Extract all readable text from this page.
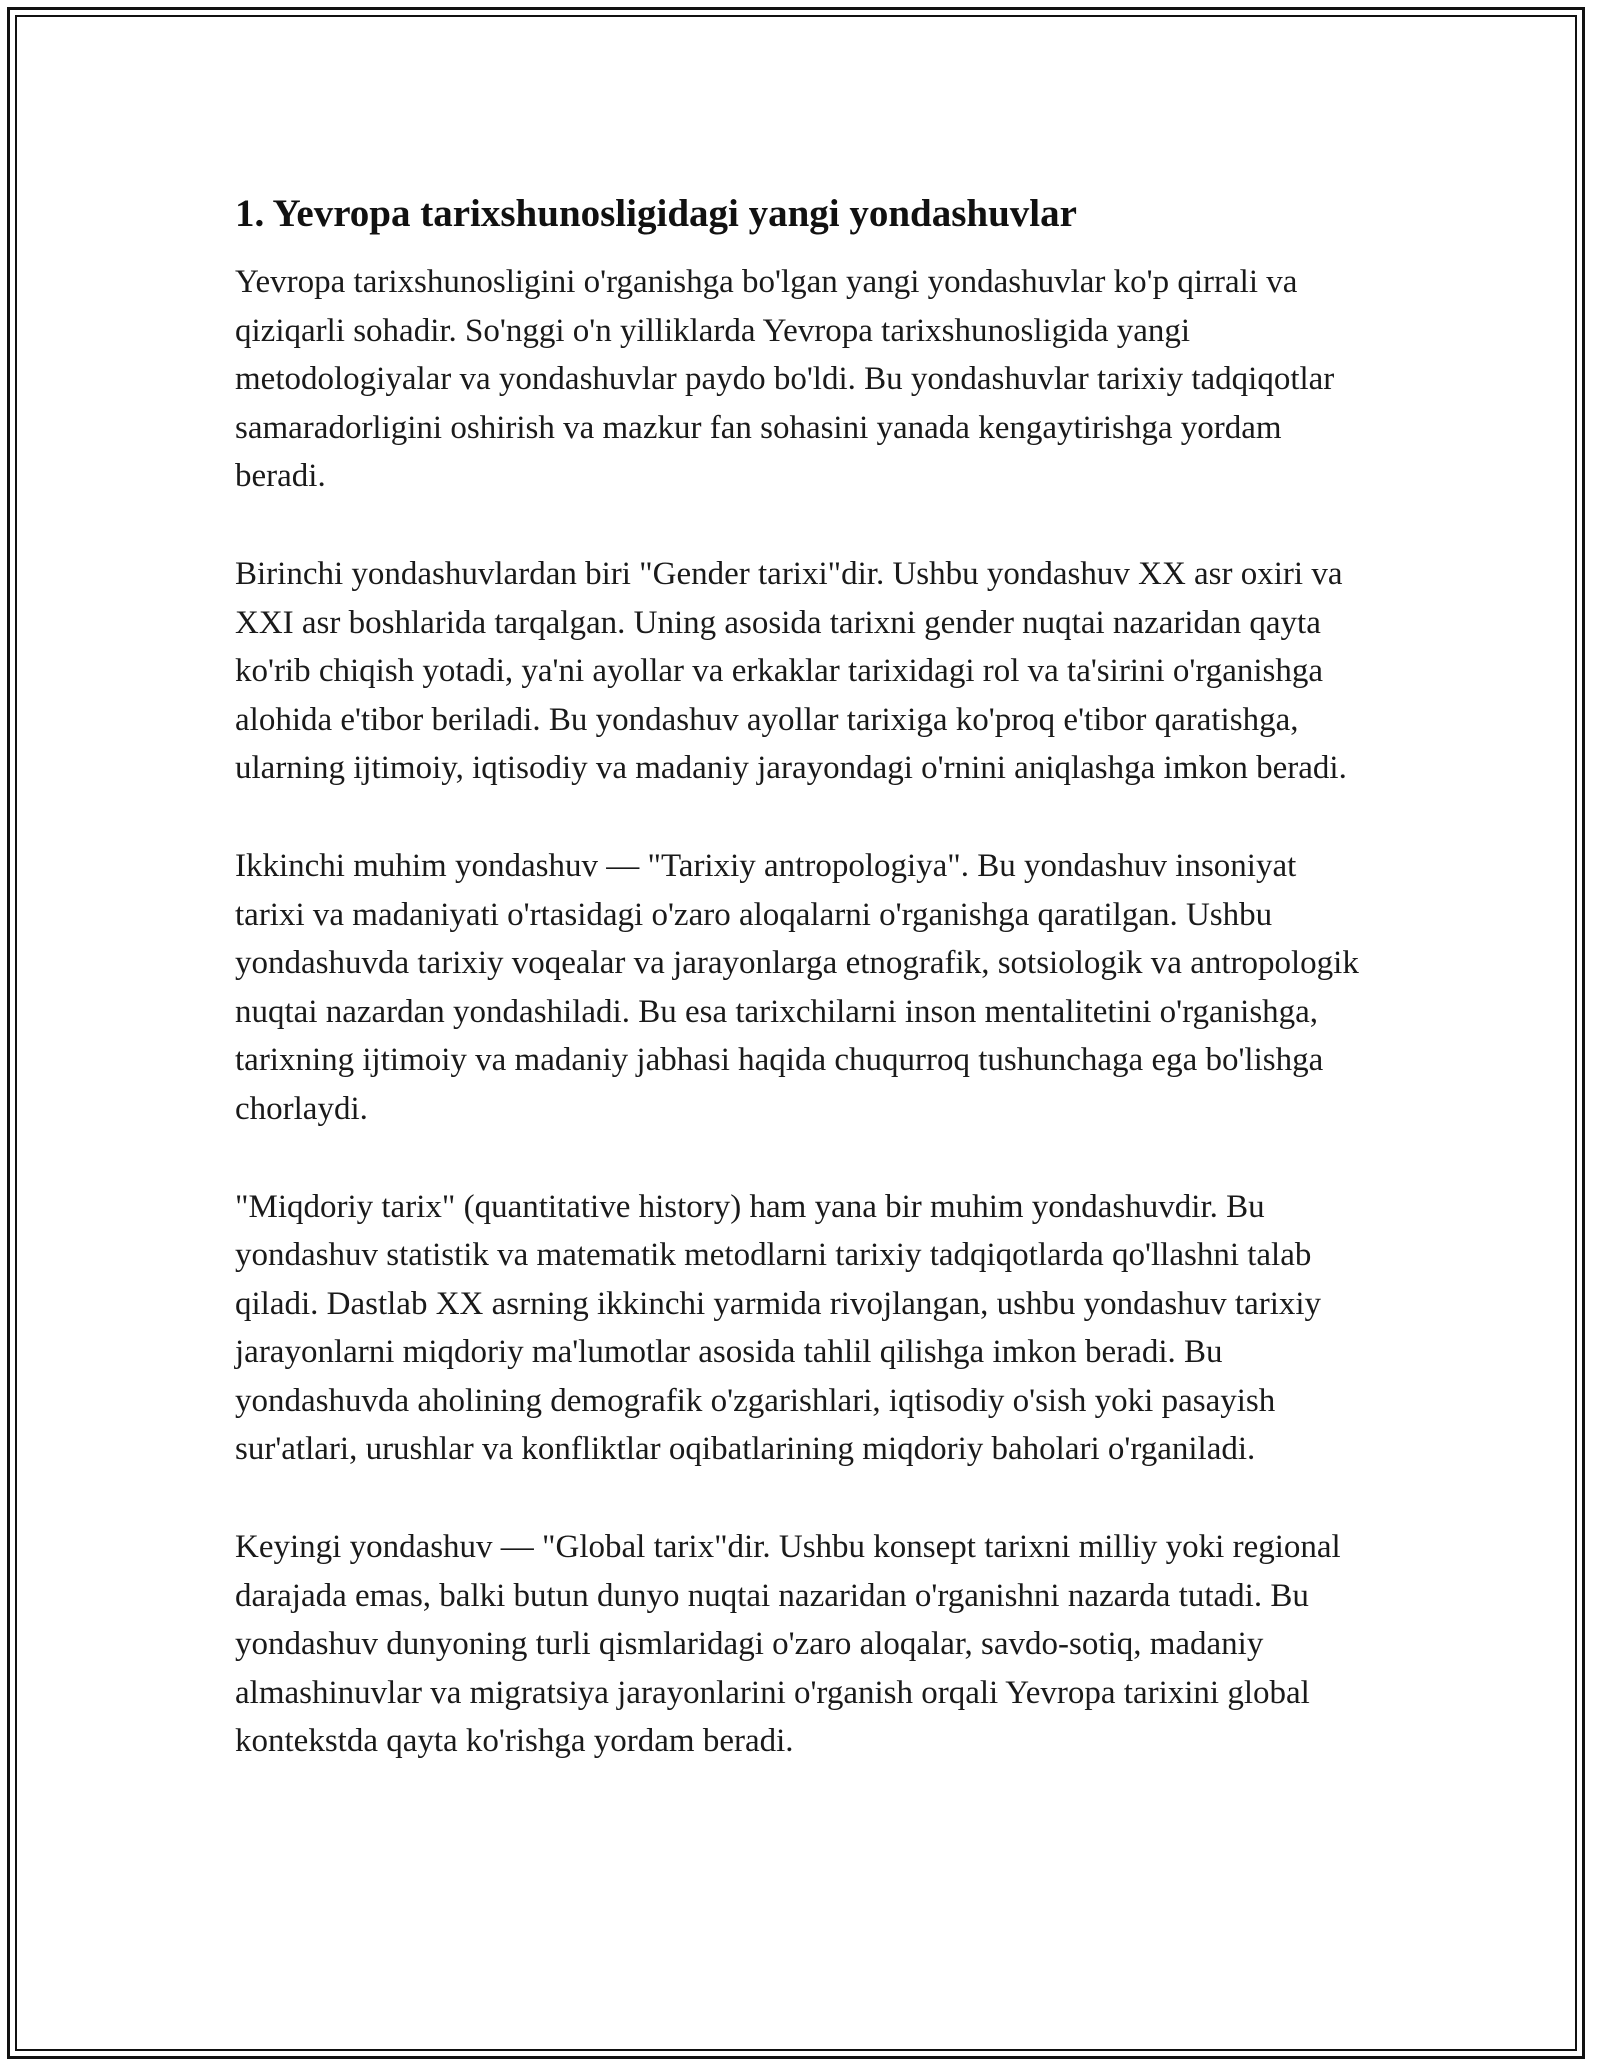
1. Yevropa tarixshunosligidagi yangi yondashuvlar

Yevropa tarixshunosligini o'rganishga bo'lgan yangi yondashuvlar ko'p qirrali va qiziqarli sohadir. So'nggi o'n yilliklarda Yevropa tarixshunosligida yangi metodologiyalar va yondashuvlar paydo bo'ldi. Bu yondashuvlar tarixiy tadqiqotlar samaradorligini oshirish va mazkur fan sohasini yanada kengaytirishga yordam beradi.

Birinchi yondashuvlardan biri "Gender tarixi"dir. Ushbu yondashuv XX asr oxiri va XXI asr boshlarida tarqalgan. Uning asosida tarixni gender nuqtai nazaridan qayta ko'rib chiqish yotadi, ya'ni ayollar va erkaklar tarixidagi rol va ta'sirini o'rganishga alohida e'tibor beriladi. Bu yondashuv ayollar tarixiga ko'proq e'tibor qaratishga, ularning ijtimoiy, iqtisodiy va madaniy jarayondagi o'rnini aniqlashga imkon beradi.

Ikkinchi muhim yondashuv — "Tarixiy antropologiya". Bu yondashuv insoniyat tarixi va madaniyati o'rtasidagi o'zaro aloqalarni o'rganishga qaratilgan. Ushbu yondashuvda tarixiy voqealar va jarayonlarga etnografik, sotsiologik va antropologik nuqtai nazardan yondashiladi. Bu esa tarixchilarni inson mentalitetini o'rganishga, tarixning ijtimoiy va madaniy jabhasi haqida chuqurroq tushunchaga ega bo'lishga chorlaydi.

"Miqdoriy tarix" (quantitative history) ham yana bir muhim yondashuvdir. Bu yondashuv statistik va matematik metodlarni tarixiy tadqiqotlarda qo'llashni talab qiladi. Dastlab XX asrning ikkinchi yarmida rivojlangan, ushbu yondashuv tarixiy jarayonlarni miqdoriy ma'lumotlar asosida tahlil qilishga imkon beradi. Bu yondashuvda aholining demografik o'zgarishlari, iqtisodiy o'sish yoki pasayish sur'atlari, urushlar va konfliktlar oqibatlarining miqdoriy baholari o'rganiladi.

Keyingi yondashuv — "Global tarix"dir. Ushbu konsept tarixni milliy yoki regional darajada emas, balki butun dunyo nuqtai nazaridan o'rganishni nazarda tutadi. Bu yondashuv dunyoning turli qismlaridagi o'zaro aloqalar, savdo-sotiq, madaniy almashinuvlar va migratsiya jarayonlarini o'rganish orqali Yevropa tarixini global kontekstda qayta ko'rishga yordam beradi.
